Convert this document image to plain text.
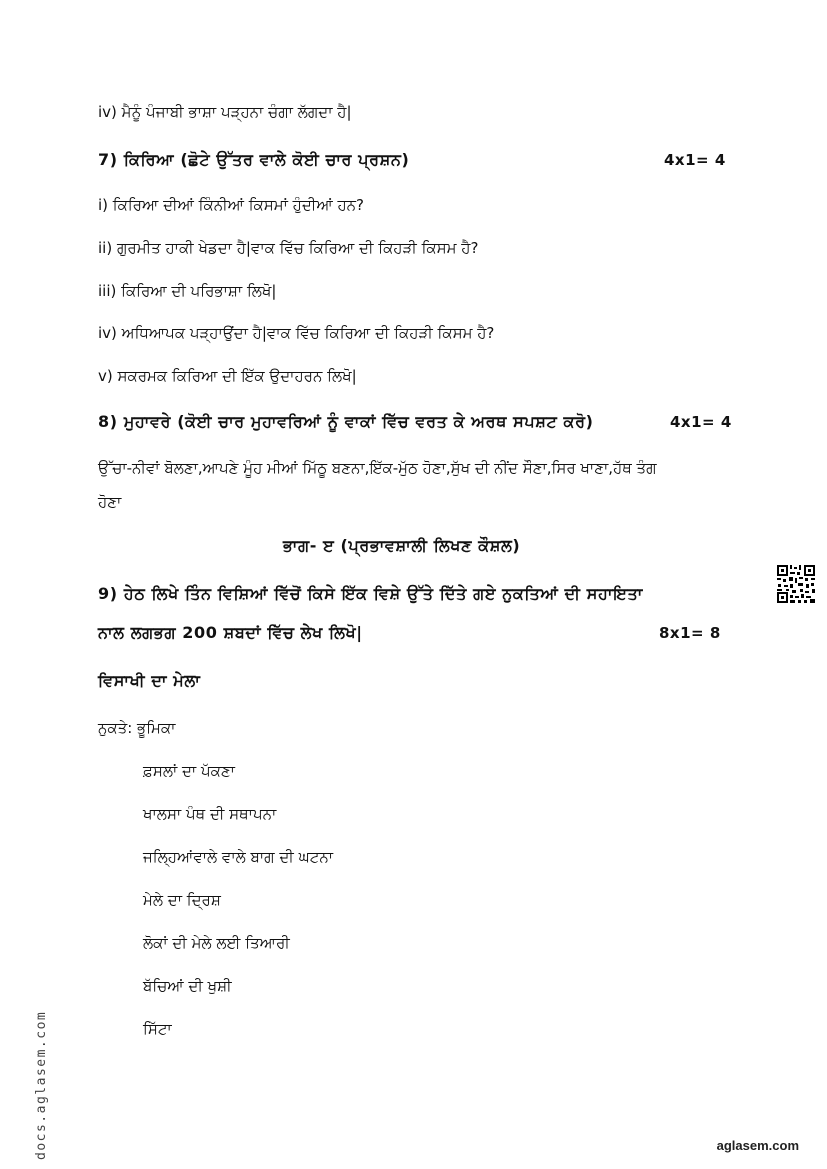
iv) ਮੈਨੂੰ ਪੰਜਾਬੀ ਭਾਸ਼ਾ ਪੜ੍ਹਨਾ ਚੰਗਾ ਲੱਗਦਾ ਹੈ|
7) ਕਿਰਿਆ (ਛੋਟੇ ਉੱਤਰ ਵਾਲੇ ਕੋਈ ਚਾਰ ਪ੍ਰਸ਼ਨ)	4x1= 4
i) ਕਿਰਿਆ ਦੀਆਂ ਕਿੰਨੀਆਂ ਕਿਸਮਾਂ ਹੁੰਦੀਆਂ ਹਨ?
ii) ਗੁਰਮੀਤ ਹਾਕੀ ਖੇਡਦਾ ਹੈ|ਵਾਕ ਵਿੱਚ ਕਿਰਿਆ ਦੀ ਕਿਹੜੀ ਕਿਸਮ ਹੈ?
iii) ਕਿਰਿਆ ਦੀ ਪਰਿਭਾਸ਼ਾ ਲਿਖੋ|
iv) ਅਧਿਆਪਕ ਪੜ੍ਹਾਉਂਦਾ ਹੈ|ਵਾਕ ਵਿੱਚ ਕਿਰਿਆ ਦੀ ਕਿਹੜੀ ਕਿਸਮ ਹੈ?
v) ਸਕਰਮਕ ਕਿਰਿਆ ਦੀ ਇੱਕ ਉਦਾਹਰਨ ਲਿਖੋ|
8) ਮੁਹਾਵਰੇ (ਕੋਈ ਚਾਰ ਮੁਹਾਵਰਿਆਂ ਨੂੰ ਵਾਕਾਂ ਵਿੱਚ ਵਰਤ ਕੇ ਅਰਥ ਸਪਸ਼ਟ ਕਰੋ)	4x1= 4
ਉੱਚਾ-ਨੀਵਾਂ ਬੋਲਣਾ,ਆਪਣੇ ਮੂੰਹ ਮੀਆਂ ਮਿੱਠੂ ਬਣਨਾ,ਇੱਕ-ਮੁੱਠ ਹੋਣਾ,ਸੁੱਖ ਦੀ ਨੀਂਦ ਸੌਣਾ,ਸਿਰ ਖਾਣਾ,ਹੱਥ ਤੰਗ
ਹੋਣਾ
ਭਾਗ- ੲ (ਪ੍ਰਭਾਵਸ਼ਾਲੀ ਲਿਖਣ ਕੌਸ਼ਲ)
9) ਹੇਠ ਲਿਖੇ ਤਿੰਨ ਵਿਸ਼ਿਆਂ ਵਿੱਚੋਂ ਕਿਸੇ ਇੱਕ ਵਿਸ਼ੇ ਉੱਤੇ ਦਿੱਤੇ ਗਏ ਨੁਕਤਿਆਂ ਦੀ ਸਹਾਇਤਾ
ਨਾਲ ਲਗਭਗ 200 ਸ਼ਬਦਾਂ ਵਿੱਚ ਲੇਖ ਲਿਖੋ|	8x1= 8
ਵਿਸਾਖੀ ਦਾ ਮੇਲਾ
ਨੁਕਤੇ: ਭੂਮਿਕਾ
ਫ਼ਸਲਾਂ ਦਾ ਪੱਕਣਾ
ਖਾਲਸਾ ਪੰਥ ਦੀ ਸਥਾਪਨਾ
ਜਲ੍ਹਿਆਂਵਾਲੇ ਵਾਲੇ ਬਾਗ ਦੀ ਘਟਨਾ
ਮੇਲੇ ਦਾ ਦ੍ਰਿਸ਼
ਲੋਕਾਂ ਦੀ ਮੇਲੇ ਲਈ ਤਿਆਰੀ
ਬੱਚਿਆਂ ਦੀ ਖੁਸ਼ੀ
ਸਿੱਟਾ
docs.aglasem.com	aglasem.com
